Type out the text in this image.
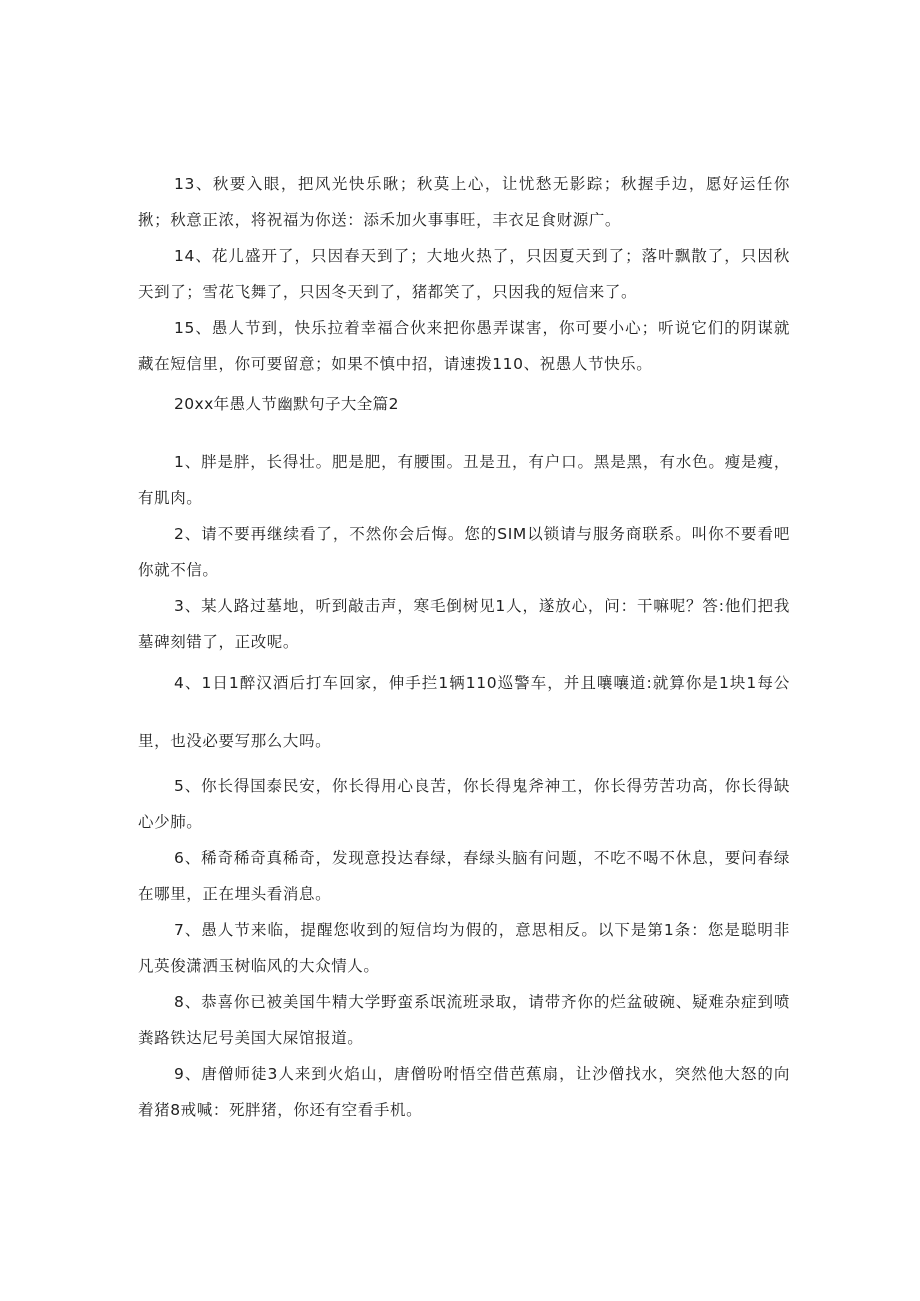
13、秋要入眼，把风光快乐瞅；秋莫上心，让忧愁无影踪；秋握手边，愿好运任你揪；秋意正浓，将祝福为你送：添禾加火事事旺，丰衣足食财源广。

14、花儿盛开了，只因春天到了；大地火热了，只因夏天到了；落叶飘散了，只因秋天到了；雪花飞舞了，只因冬天到了，猪都笑了，只因我的短信来了。

15、愚人节到，快乐拉着幸福合伙来把你愚弄谋害，你可要小心；听说它们的阴谋就藏在短信里，你可要留意；如果不慎中招，请速拨110、祝愚人节快乐。

20xx年愚人节幽默句子大全篇2

1、胖是胖，长得壮。肥是肥，有腰围。丑是丑，有户口。黑是黑，有水色。瘦是瘦，有肌肉。

2、请不要再继续看了，不然你会后悔。您的SIM以锁请与服务商联系。叫你不要看吧你就不信。

3、某人路过墓地，听到敲击声，寒毛倒树见1人，遂放心，问：干嘛呢？答:他们把我墓碑刻错了，正改呢。

4、1日1醉汉酒后打车回家，伸手拦1辆110巡警车，并且嚷嚷道:就算你是1块1每公里，也没必要写那么大吗。

5、你长得国泰民安，你长得用心良苦，你长得鬼斧神工，你长得劳苦功高，你长得缺心少肺。

6、稀奇稀奇真稀奇，发现意投达春绿，春绿头脑有问题，不吃不喝不休息，要问春绿在哪里，正在埋头看消息。

7、愚人节来临，提醒您收到的短信均为假的，意思相反。以下是第1条：您是聪明非凡英俊潇洒玉树临风的大众情人。

8、恭喜你已被美国牛精大学野蛮系氓流班录取，请带齐你的烂盆破碗、疑难杂症到喷粪路铁达尼号美国大屎馆报道。

9、唐僧师徒3人来到火焰山，唐僧吩咐悟空借芭蕉扇，让沙僧找水，突然他大怒的向着猪8戒喊：死胖猪，你还有空看手机。
